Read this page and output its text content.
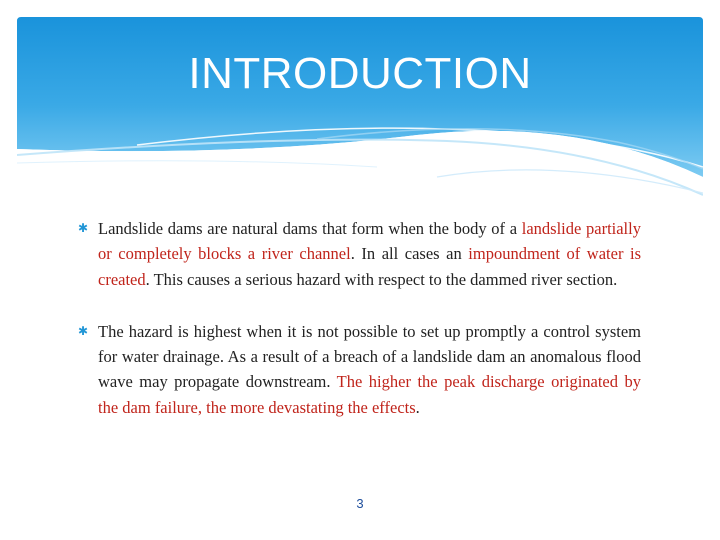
INTRODUCTION
✱ Landslide dams are natural dams that form when the body of a landslide partially or completely blocks a river channel. In all cases an impoundment of water is created. This causes a serious hazard with respect to the dammed river section.
✱ The hazard is highest when it is not possible to set up promptly a control system for water drainage. As a result of a breach of a landslide dam an anomalous flood wave may propagate downstream. The higher the peak discharge originated by the dam failure, the more devastating the effects.
3
